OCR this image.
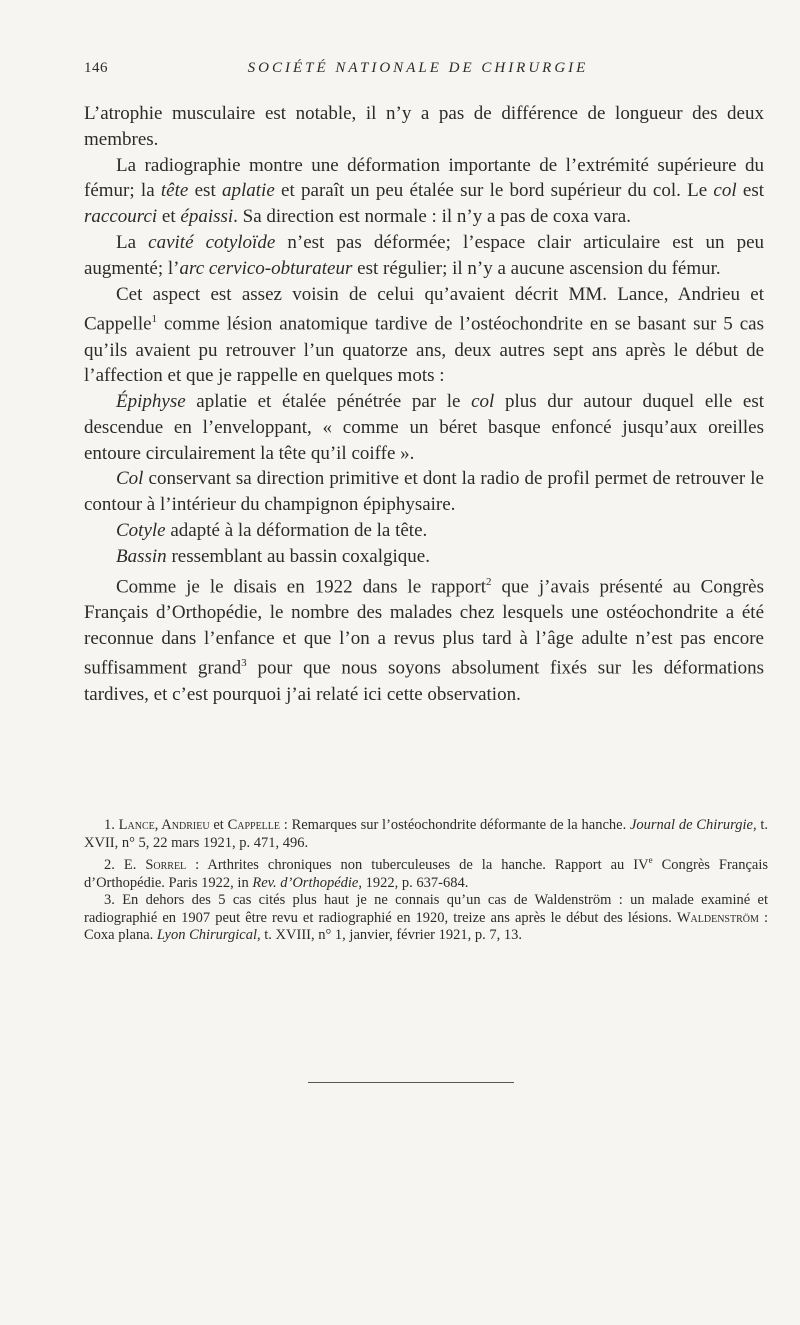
146	SOCIÉTÉ NATIONALE DE CHIRURGIE

L’atrophie musculaire est notable, il n’y a pas de différence de longueur des deux membres.

La radiographie montre une déformation importante de l’extrémité supérieure du fémur; la tête est aplatie et paraît un peu étalée sur le bord supérieur du col. Le col est raccourci et épaissi. Sa direction est normale : il n’y a pas de coxa vara.

La cavité cotyloïde n’est pas déformée; l’espace clair articulaire est un peu augmenté; l’arc cervico-obturateur est régulier; il n’y a aucune ascension du fémur.

Cet aspect est assez voisin de celui qu’avaient décrit MM. Lance, Andrieu et Cappelle$^1$ comme lésion anatomique tardive de l’ostéochondrite en se basant sur 5 cas qu’ils avaient pu retrouver l’un quatorze ans, deux autres sept ans après le début de l’affection et que je rappelle en quelques mots :

Épiphyse aplatie et étalée pénétrée par le col plus dur autour duquel elle est descendue en l’enveloppant, « comme un béret basque enfoncé jusqu’aux oreilles entoure circulairement la tête qu’il coiffe ».

Col conservant sa direction primitive et dont la radio de profil permet de retrouver le contour à l’intérieur du champignon épiphysaire.

Cotyle adapté à la déformation de la tête.

Bassin ressemblant au bassin coxalgique.

Comme je le disais en 1922 dans le rapport$^2$ que j’avais présenté au Congrès Français d’Orthopédie, le nombre des malades chez lesquels une ostéochondrite a été reconnue dans l’enfance et que l’on a revus plus tard à l’âge adulte n’est pas encore suffisamment grand$^3$ pour que nous soyons absolument fixés sur les déformations tardives, et c’est pourquoi j’ai relaté ici cette observation.

1. Lance, Andrieu et Cappelle : Remarques sur l’ostéochondrite déformante de la hanche. Journal de Chirurgie, t. XVII, n° 5, 22 mars 1921, p. 471, 496.

2. E. Sorrel : Arthrites chroniques non tuberculeuses de la hanche. Rapport au IVe Congrès Français d’Orthopédie. Paris 1922, in Rev. d’Orthopédie, 1922, p. 637-684.

3. En dehors des 5 cas cités plus haut je ne connais qu’un cas de Waldenström : un malade examiné et radiographié en 1907 peut être revu et radiographié en 1920, treize ans après le début des lésions. Waldenström : Coxa plana. Lyon Chirurgical, t. XVIII, n° 1, janvier, février 1921, p. 7, 13.
